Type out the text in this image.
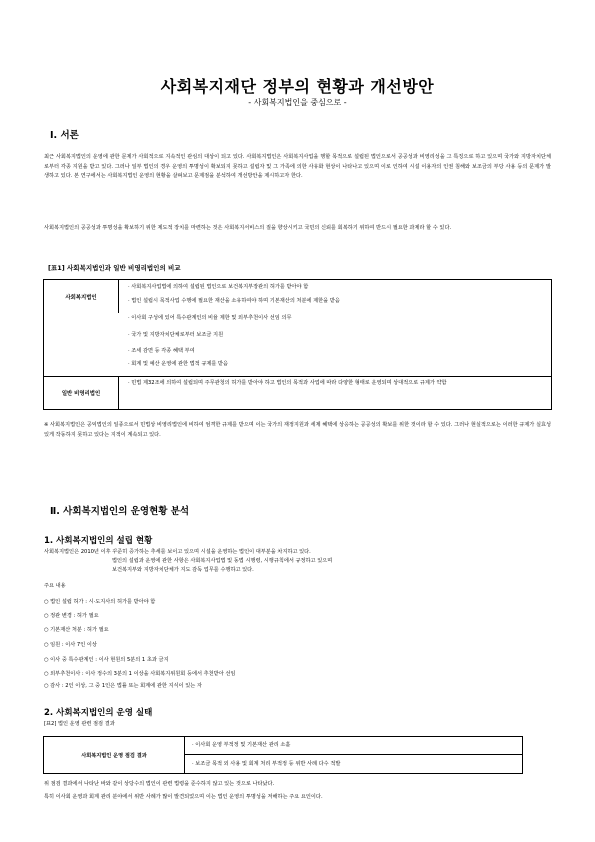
사회복지재단 정부의 현황과 개선방안
- 사회복지법인을 중심으로 -
Ⅰ. 서론
최근 사회복지법인의 운영에 관한 문제가 사회적으로 지속적인 관심의 대상이 되고 있다. 사회복지법인은 사회복지사업을 행할 목적으로 설립된 법인으로서 공공성과 비영리성을 그 특징으로 하고 있으며 국가와 지방자치단체로부터 각종 지원을 받고 있다. 그러나 일부 법인의 경우 운영의 투명성이 확보되지 못하고 설립자 및 그 가족에 의한 사유화 현상이 나타나고 있으며 이로 인하여 시설 이용자의 인권 침해와 보조금의 부당 사용 등의 문제가 발생하고 있다. 본 연구에서는 사회복지법인 운영의 현황을 살펴보고 문제점을 분석하여 개선방안을 제시하고자 한다.
사회복지법인의 공공성과 투명성을 확보하기 위한 제도적 장치를 마련하는 것은 사회복지서비스의 질을 향상시키고 국민의 신뢰를 회복하기 위하여 반드시 필요한 과제라 할 수 있다.
[표1] 사회복지법인과 일반 비영리법인의 비교
사회복지법인
· 사회복지사업법에 의하여 설립된 법인으로 보건복지부장관의 허가를 받아야 함
· 법인 설립시 목적사업 수행에 필요한 재산을 소유하여야 하며 기본재산의 처분에 제한을 받음
· 이사회 구성에 있어 특수관계인의 비율 제한 및 외부추천이사 선임 의무
· 국가 및 지방자치단체로부터 보조금 지원
· 조세 감면 등 각종 혜택 부여
· 회계 및 예산 운영에 관한 법적 규제를 받음
일반 비영리법인
· 민법 제32조에 의하여 설립되며 주무관청의 허가를 받아야 하고 법인의 목적과 사업에 따라 다양한 형태로 운영되며 상대적으로 규제가 약함
※ 사회복지법인은 공익법인의 일종으로서 민법상 비영리법인에 비하여 엄격한 규제를 받으며 이는 국가의 재정지원과 세제 혜택에 상응하는 공공성의 확보를 위한 것이라 할 수 있다. 그러나 현실적으로는 이러한 규제가 실효성 있게 작동하지 못하고 있다는 지적이 계속되고 있다.
Ⅱ. 사회복지법인의 운영현황 분석
1. 사회복지법인의 설립 현황
사회복지법인은 2010년 이후 꾸준히 증가하는 추세를 보이고 있으며 시설을 운영하는 법인이 대부분을 차지하고 있다.
법인의 설립과 운영에 관한 사항은 사회복지사업법 및 동법 시행령, 시행규칙에서 규정하고 있으며
보건복지부와 지방자치단체가 지도 감독 업무를 수행하고 있다.
주요 내용
○ 법인 설립 허가 : 시·도지사의 허가를 받아야 함
○ 정관 변경 : 허가 필요
○ 기본재산 처분 : 허가 필요
○ 임원 : 이사 7인 이상
○ 이사 중 특수관계인 : 이사 현원의 5분의 1 초과 금지
○ 외부추천이사 : 이사 정수의 3분의 1 이상을 사회복지위원회 등에서 추천받아 선임
○ 감사 : 2인 이상, 그 중 1인은 법률 또는 회계에 관한 지식이 있는 자
2. 사회복지법인의 운영 실태
[표2] 법인 운영 관련 점검 결과
사회복지법인 운영 점검 결과
· 이사회 운영 부적정 및 기본재산 관리 소홀
· 보조금 목적 외 사용 및 회계 처리 부적정 등 위반 사례 다수 적발
위 점검 결과에서 나타난 바와 같이 상당수의 법인이 관련 법령을 준수하지 않고 있는 것으로 나타났다.
특히 이사회 운영과 회계 관리 분야에서 위반 사례가 많이 발견되었으며 이는 법인 운영의 투명성을 저해하는 주요 요인이다.
